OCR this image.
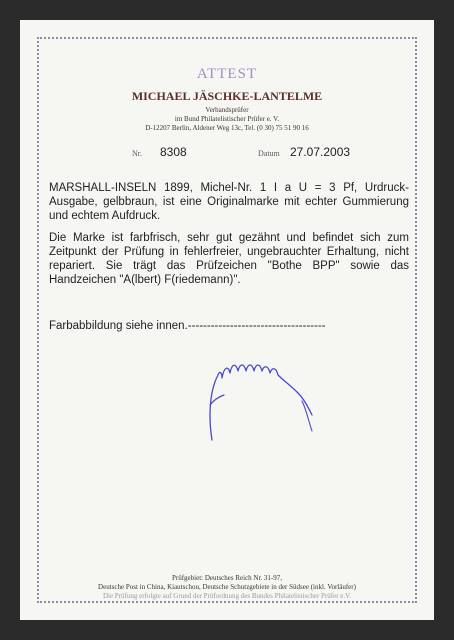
ATTEST
MICHAEL JÄSCHKE-LANTELME
Verbandsprüfer
im Bund Philatelistischer Prüfer e. V.
D-12207 Berlin, Aldener Weg 13c, Tel. (0 30) 75 51 90 16
Nr. 8308	Datum 27.07.2003
MARSHALL-INSELN 1899, Michel-Nr. 1 I a U = 3 Pf, Urdruck-Ausgabe, gelbbraun, ist eine Originalmarke mit echter Gummierung und echtem Aufdruck.
Die Marke ist farbfrisch, sehr gut gezähnt und befindet sich zum Zeitpunkt der Prüfung in fehlerfreier, ungebrauchter Erhaltung, nicht repariert. Sie trägt das Prüfzeichen "Bothe BPP" sowie das Handzeichen "A(lbert) F(riedemann)".
Farbabbildung siehe innen.------------------------------------
Prüfgebiet: Deutsches Reich Nr. 31-97,
Deutsche Post in China, Kiautschou, Deutsche Schutzgebiete in der Südsee (inkl. Vorläufer)
Die Prüfung erfolgte auf Grund der Prüfordnung des Bundes Philatelistischer Prüfer e.V.
